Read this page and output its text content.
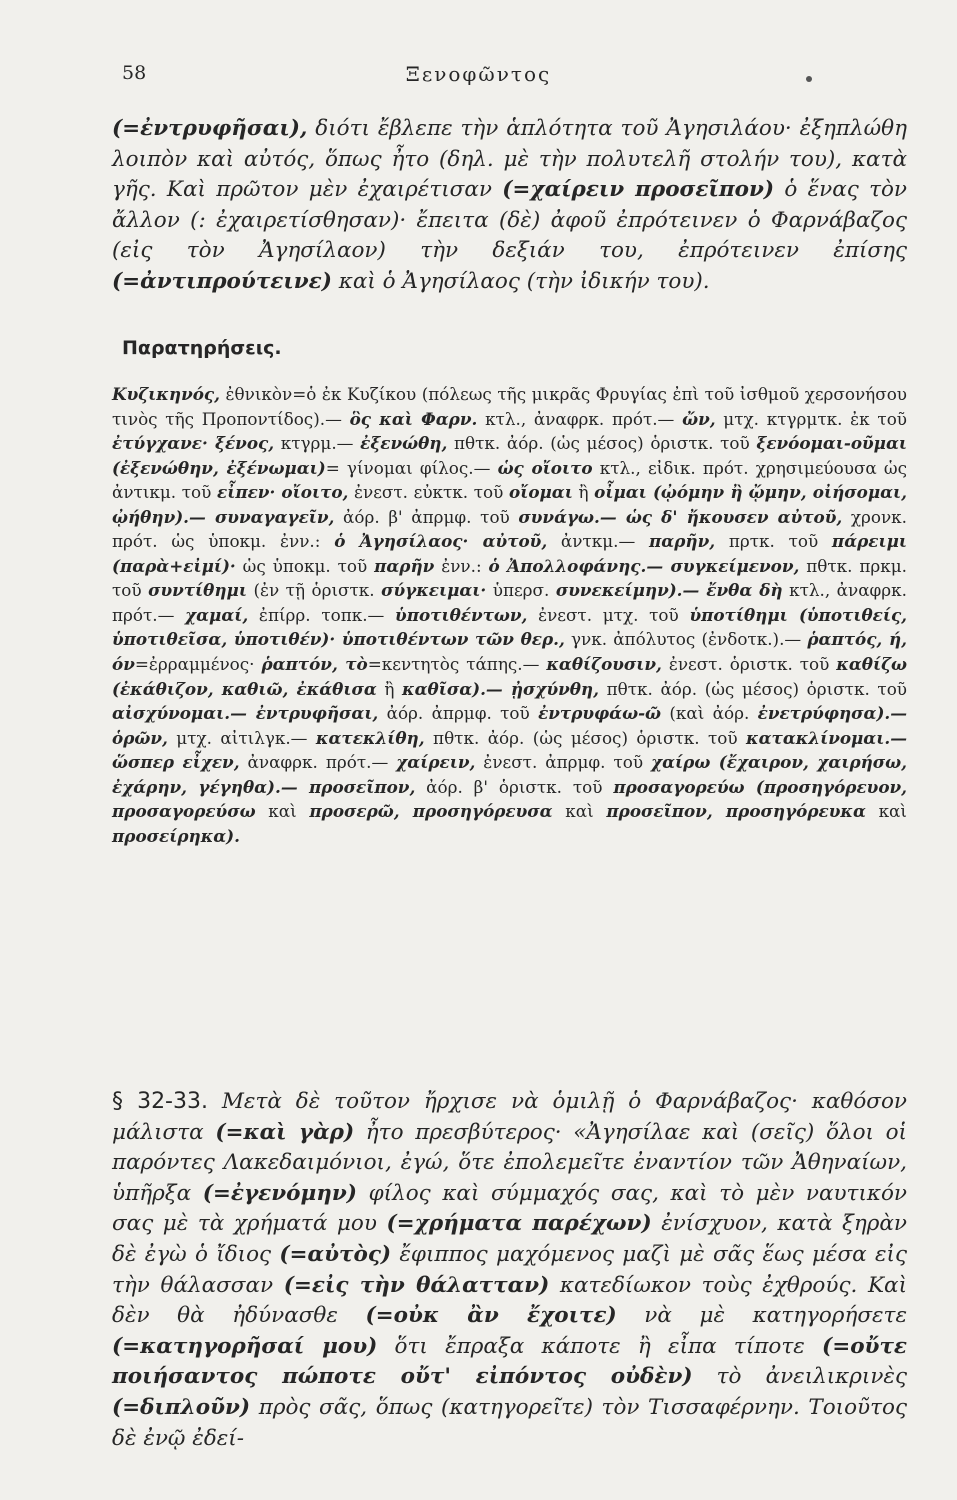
58	Ξενοφῶντος

(=ἐντρυφῆσαι), διότι ἔβλεπε τὴν ἁπλότητα τοῦ Ἀγησιλάου· ἐξηπλώθη λοιπὸν καὶ αὐτός, ὅπως ἦτο (δηλ. μὲ τὴν πολυτελῆ στολήν του), κατὰ γῆς. Καὶ πρῶτον μὲν ἐχαιρέτισαν (=χαίρειν προσεῖπον) ὁ ἕνας τὸν ἄλλον (: ἐχαιρετίσθησαν)· ἔπειτα (δὲ) ἀφοῦ ἐπρότεινεν ὁ Φαρνάβαζος (εἰς τὸν Ἀγησίλαον) τὴν δεξιάν του, ἐπρότεινεν ἐπίσης (=ἀντιπρούτεινε) καὶ ὁ Ἀγησίλαος (τὴν ἰδικήν του).

Παρατηρήσεις.

Κυζικηνός, ἐθνικὸν=ὁ ἐκ Κυζίκου (πόλεως τῆς μικρᾶς Φρυγίας ἐπὶ τοῦ ἰσθμοῦ χερσονήσου τινὸς τῆς Προποντίδος).— ὃς καὶ Φαρν. κτλ., ἀναφρκ. πρότ.— ὤν, μτχ. κτγρμτκ. ἐκ τοῦ ἐτύγχανε· ξένος, κτγρμ.— ἐξενώθη, πθτκ. ἀόρ. (ὡς μέσος) ὁριστκ. τοῦ ξενόομαι-οῦμαι (ἐξενώθην, ἐξένωμαι)= γίνομαι φίλος.— ὡς οἴοιτο κτλ., εἰδικ. πρότ. χρησιμεύουσα ὡς ἀντικμ. τοῦ εἶπεν· οἴοιτο, ἐνεστ. εὐκτκ. τοῦ οἴομαι ἢ οἶμαι (ᾠόμην ἢ ᾤμην, οἰήσομαι, ᾠήθην).— συναγαγεῖν, ἀόρ. β' ἀπρμφ. τοῦ συνάγω.— ὡς δ' ἤκουσεν αὐτοῦ, χρονκ. πρότ. ὡς ὑποκμ. ἐνν.: ὁ Ἀγησίλαος· αὐτοῦ, ἀντκμ.— παρῆν, πρτκ. τοῦ πάρειμι (παρὰ+εἰμί)· ὡς ὑποκμ. τοῦ παρῆν ἐνν.: ὁ Ἀπολλοφάνης.— συγκείμενον, πθτκ. πρκμ. τοῦ συντίθημι (ἐν τῇ ὁριστκ. σύγκειμαι· ὑπερσ. συνεκείμην).— ἔνθα δὴ κτλ., ἀναφρκ. πρότ.— χαμαί, ἐπίρρ. τοπκ.— ὑποτιθέντων, ἐνεστ. μτχ. τοῦ ὑποτίθημι (ὑποτιθείς, ὑποτιθεῖσα, ὑποτιθέν)· ὑποτιθέντων τῶν θερ., γνκ. ἀπόλυτος (ἐνδοτκ.).— ῥαπτός, ή, όν=ἐρραμμένος· ῥαπτόν, τὸ=κεντητὸς τάπης.— καθίζουσιν, ἐνεστ. ὁριστκ. τοῦ καθίζω (ἐκάθιζον, καθιῶ, ἐκάθισα ἢ καθῖσα).— ᾐσχύνθη, πθτκ. ἀόρ. (ὡς μέσος) ὁριστκ. τοῦ αἰσχύνομαι.— ἐντρυφῆσαι, ἀόρ. ἀπρμφ. τοῦ ἐντρυφάω-ῶ (καὶ ἀόρ. ἐνετρύφησα).— ὁρῶν, μτχ. αἰτιλγκ.— κατεκλίθη, πθτκ. ἀόρ. (ὡς μέσος) ὁριστκ. τοῦ κατακλίνομαι.— ὥσπερ εἶχεν, ἀναφρκ. πρότ.— χαίρειν, ἐνεστ. ἀπρμφ. τοῦ χαίρω (ἔχαιρον, χαιρήσω, ἐχάρην, γέγηθα).— προσεῖπον, ἀόρ. β' ὁριστκ. τοῦ προσαγορεύω (προσηγόρευον, προσαγορεύσω καὶ προσερῶ, προσηγόρευσα καὶ προσεῖπον, προσηγόρευκα καὶ προσείρηκα).

§ 32-33. Μετὰ δὲ τοῦτον ἤρχισε νὰ ὁμιλῇ ὁ Φαρνάβαζος· καθόσον μάλιστα (=καὶ γὰρ) ἦτο πρεσβύτερος· «Ἀγησίλαε καὶ (σεῖς) ὅλοι οἱ παρόντες Λακεδαιμόνιοι, ἐγώ, ὅτε ἐπολεμεῖτε ἐναντίον τῶν Ἀθηναίων, ὑπῆρξα (=ἐγενόμην) φίλος καὶ σύμμαχός σας, καὶ τὸ μὲν ναυτικόν σας μὲ τὰ χρήματά μου (=χρήματα παρέχων) ἐνίσχυον, κατὰ ξηρὰν δὲ ἐγὼ ὁ ἴδιος (=αὐτὸς) ἔφιππος μαχόμενος μαζὶ μὲ σᾶς ἕως μέσα εἰς τὴν θάλασσαν (=εἰς τὴν θάλατταν) κατεδίωκον τοὺς ἐχθρούς. Καὶ δὲν θὰ ἠδύνασθε (=οὐκ ἂν ἔχοιτε) νὰ μὲ κατηγορήσετε (=κατηγορῆσαί μου) ὅτι ἔπραξα κάποτε ἢ εἶπα τίποτε (=οὔτε ποιήσαντος πώποτε οὔτ' εἰπόντος οὐδὲν) τὸ ἀνειλικρινὲς (=διπλοῦν) πρὸς σᾶς, ὅπως (κατηγορεῖτε) τὸν Τισσαφέρνην. Τοιοῦτος δὲ ἐνῷ ἐδεί-
